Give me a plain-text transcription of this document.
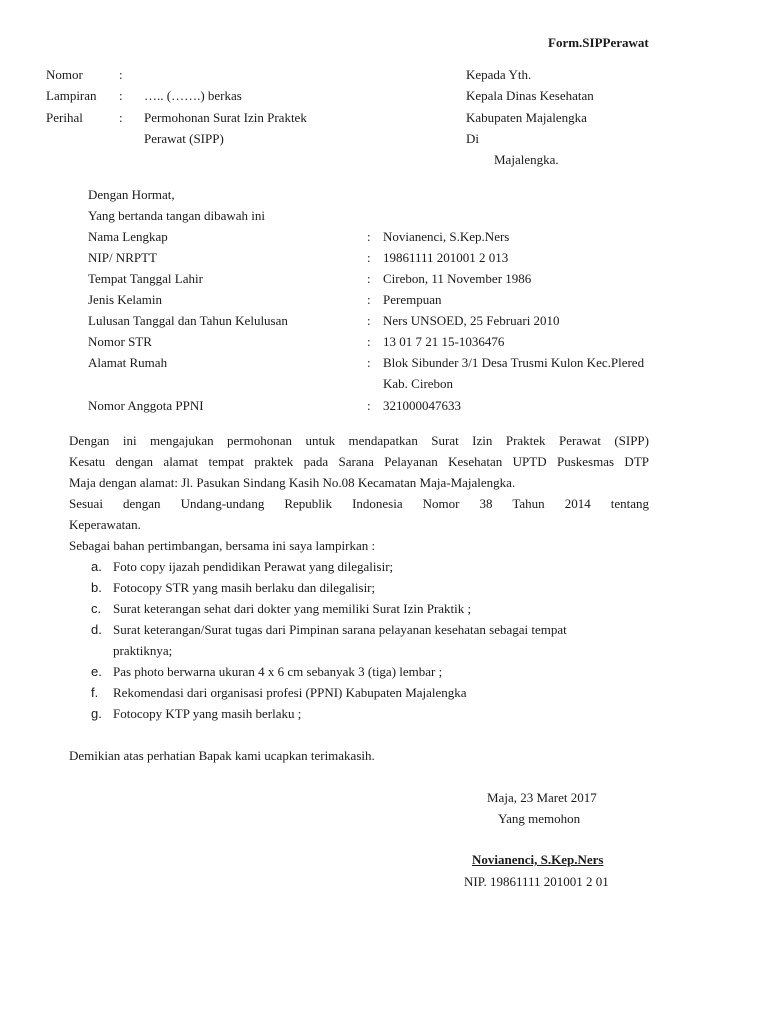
Form.SIPPerawat
Nomor	:
Lampiran : ….. (…….) berkas
Perihal	: Permohonan Surat Izin Praktek
Perawat (SIPP)
Kepada Yth.
Kepala Dinas Kesehatan
Kabupaten Majalengka
Di
Majalengka.
Dengan Hormat,
Yang bertanda tangan dibawah ini
Nama Lengkap	: Novianenci, S.Kep.Ners
NIP/ NRPTT	: 19861111 201001 2 013
Tempat Tanggal Lahir	: Cirebon, 11 November 1986
Jenis Kelamin	: Perempuan
Lulusan Tanggal dan Tahun Kelulusan	: Ners UNSOED, 25 Februari 2010
Nomor STR	: 13 01 7 21 15-1036476
Alamat Rumah	: Blok Sibunder 3/1 Desa Trusmi Kulon Kec.Plered
Kab. Cirebon
Nomor Anggota PPNI	: 321000047633
Dengan ini mengajukan permohonan untuk mendapatkan Surat Izin Praktek Perawat (SIPP)
Kesatu dengan alamat tempat praktek pada Sarana Pelayanan Kesehatan UPTD Puskesmas DTP
Maja dengan alamat: Jl. Pasukan Sindang Kasih No.08 Kecamatan Maja-Majalengka.
Sesuai dengan Undang-undang Republik Indonesia Nomor 38 Tahun 2014 tentang
Keperawatan.
Sebagai bahan pertimbangan, bersama ini saya lampirkan :
a. Foto copy ijazah pendidikan Perawat yang dilegalisir;
b. Fotocopy STR yang masih berlaku dan dilegalisir;
c. Surat keterangan sehat dari dokter yang memiliki Surat Izin Praktik ;
d. Surat keterangan/Surat tugas dari Pimpinan sarana pelayanan kesehatan sebagai tempat
praktiknya;
e. Pas photo berwarna ukuran 4 x 6 cm sebanyak 3 (tiga) lembar ;
f. Rekomendasi dari organisasi profesi (PPNI) Kabupaten Majalengka
g. Fotocopy KTP yang masih berlaku ;
Demikian atas perhatian Bapak kami ucapkan terimakasih.
Maja, 23 Maret 2017
Yang memohon
Novianenci, S.Kep.Ners
NIP. 19861111 201001 2 01
